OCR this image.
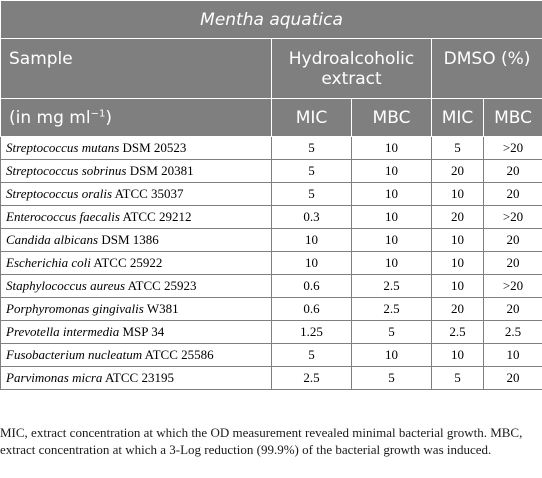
Mentha aquatica				
Sample	Hydroalcoholic extract		DMSO (%)	
(in mg $ml^{-1}$)	MIC	MBC	MIC	MBC
Streptococcus mutans DSM 20523	5	10	5	>20
Streptococcus sobrinus DSM 20381	5	10	20	20
Streptococcus oralis ATCC 35037	5	10	10	20
Enterococcus faecalis ATCC 29212	0.3	10	20	>20
Candida albicans DSM 1386	10	10	10	20
Escherichia coli ATCC 25922	10	10	10	20
Staphylococcus aureus ATCC 25923	0.6	2.5	10	>20
Porphyromonas gingivalis W381	0.6	2.5	20	20
Prevotella intermedia MSP 34	1.25	5	2.5	2.5
Fusobacterium nucleatum ATCC 25586	5	10	10	10
Parvimonas micra ATCC 23195	2.5	5	5	20

MIC, extract concentration at which the OD measurement revealed minimal bacterial growth. MBC, extract concentration at which a 3-Log reduction (99.9%) of the bacterial growth was induced.
